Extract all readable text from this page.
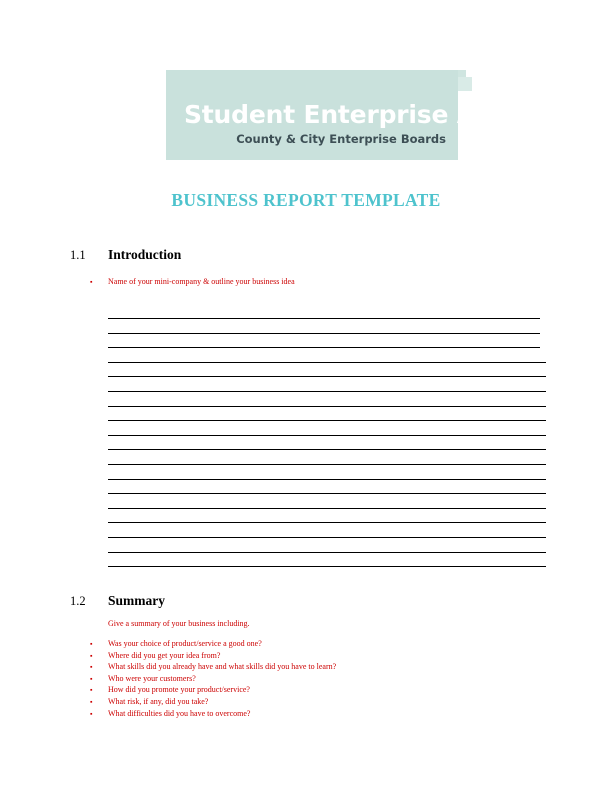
Student Enterprise Awards
County & City Enterprise Boards
BUSINESS REPORT TEMPLATE
1.1 Introduction
▪	Name of your mini-company & outline your business idea
1.2 Summary
Give a summary of your business including.
▪	Was your choice of product/service a good one?
▪	Where did you get your idea from?
▪	What skills did you already have and what skills did you have to learn?
▪	Who were your customers?
▪	How did you promote your product/service?
▪	What risk, if any, did you take?
▪	What difficulties did you have to overcome?
